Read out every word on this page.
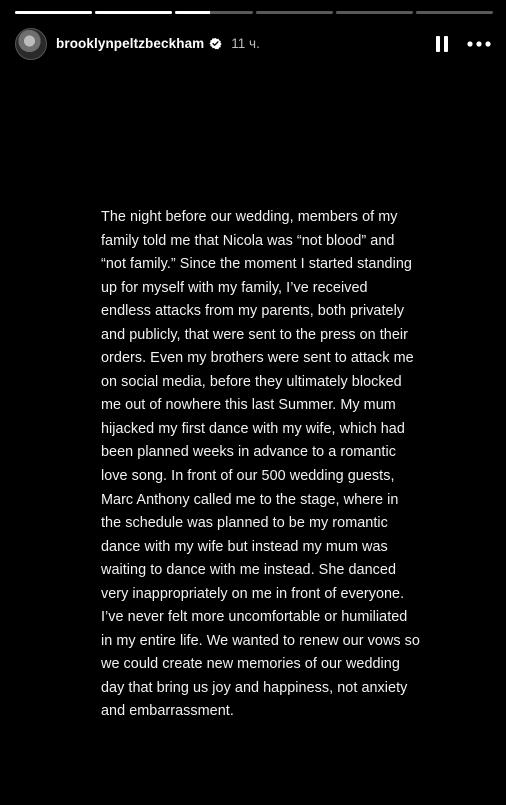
brooklynpeltzbeckham 11 ч.

The night before our wedding, members of my family told me that Nicola was “not blood” and “not family.” Since the moment I started standing up for myself with my family, I’ve received endless attacks from my parents, both privately and publicly, that were sent to the press on their orders. Even my brothers were sent to attack me on social media, before they ultimately blocked me out of nowhere this last Summer. My mum hijacked my first dance with my wife, which had been planned weeks in advance to a romantic love song. In front of our 500 wedding guests, Marc Anthony called me to the stage, where in the schedule was planned to be my romantic dance with my wife but instead my mum was waiting to dance with me instead. She danced very inappropriately on me in front of everyone. I’ve never felt more uncomfortable or humiliated in my entire life. We wanted to renew our vows so we could create new memories of our wedding day that bring us joy and happiness, not anxiety and embarrassment.
